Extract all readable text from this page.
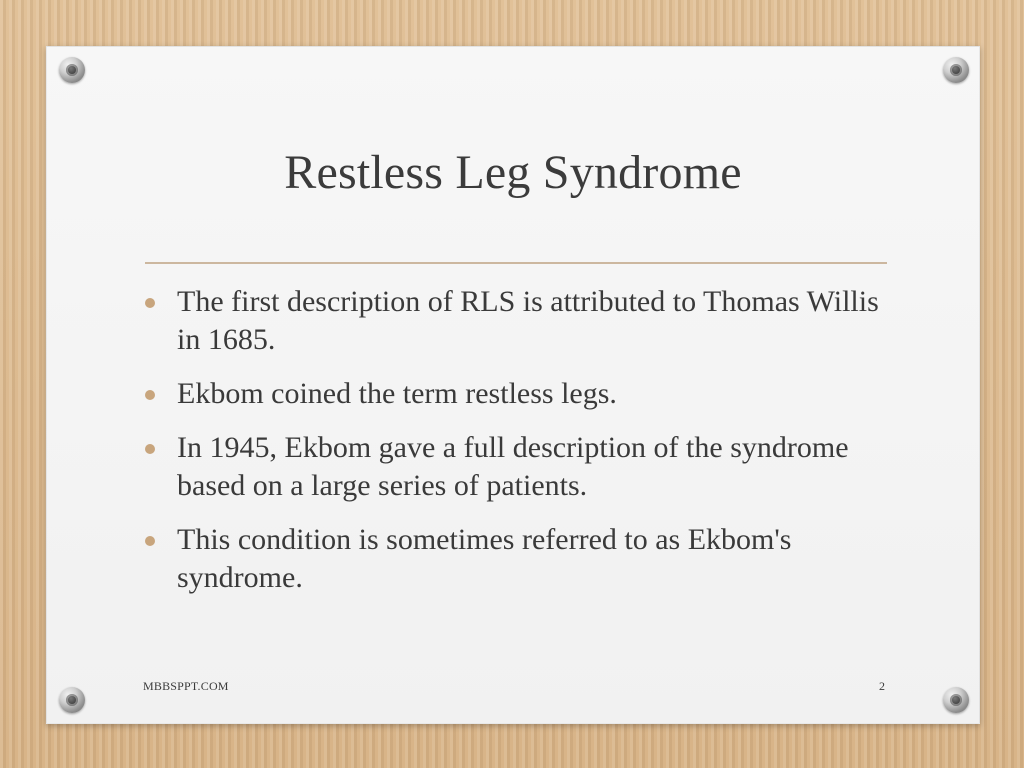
Restless Leg Syndrome
The first description of RLS is attributed to Thomas Willis in 1685.
Ekbom coined the term restless legs.
In 1945, Ekbom gave a full description of the syndrome based on a large series of patients.
This condition is sometimes referred to as Ekbom's syndrome.
MBBSPPT.COM	2
